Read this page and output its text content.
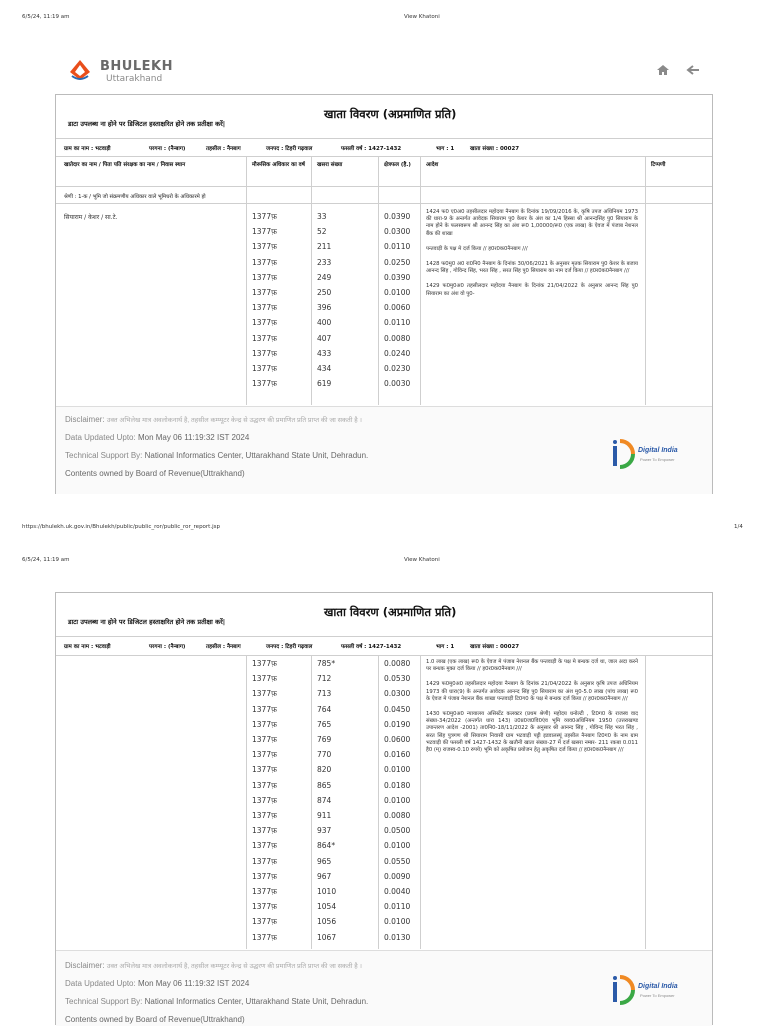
6/5/24, 11:19 am	View Khatoni
BHULEKH
Uttarakhand
खाता विवरण (अप्रमाणित प्रति)
डाटा उपलब्ध ना होने पर डिजिटल हस्ताक्षरित होने तक प्रतीक्षा करें|
ग्राम का नाम : भटवाड़ी	परगना : (नैन्बाग)	तहसील : नैनबाग	जनपद : टिहरी गढ़वाल	फसली वर्ष : 1427-1432	भाग : 1	खाता संख्या : 00027
खातेदार का नाम / पिता पति संरक्षक का नाम / निवास स्थान	मौरूसिक अधिकार का वर्ष	खसरा संख्या	क्षेत्रफल (है.)	आदेश	टिप्पणी
श्रेणी : 1-क / भूमि जो संक्रमणीय अधिकार वाले भूमिधरो के अधिकारमे हो
सियाराम / केशर / सा.टे.	1377फ़	33	0.0390
1377फ़	52	0.0300
1377फ़	211	0.0110
1377फ़	233	0.0250
1377फ़	249	0.0390
1377फ़	250	0.0100
1377फ़	396	0.0060
1377फ़	400	0.0110
1377फ़	407	0.0080
1377फ़	433	0.0240
1377फ़	434	0.0230
1377फ़	619	0.0030

1424 फ0 ए0अ0 तहसीलदार महोदया नैनबाग के दिनांक 19/09/2016 के, कृषि उपज अधिनियम 1973 की धारा-9 के अन्तर्गत आवेदक सियाराम पु0 केशर के अंश का 1/4 हिस्सा श्री आनन्दसिंह पु0 सियाराम के नाम होने के फलस्वरूप श्री आनन्द सिंह का अंश रू0 1,00000/रू0 (एक लाख) के ऐवज में पंजाब नेशनल बैंक की शाखा

पन्तवाड़ी के पक्ष मे दर्ज किया // ह0र0क0नैनबाग ///

1428 फ0मु0 अ0 रा0नि0 नैनबाग के दिनांक 30/06/2021 के अनुसार मृतक सियाराम पु0 केशर के बजाय आनन्द सिंह , गोविन्द सिंह, भरत सिंह , सरत सिंह पु0 सियाराम का नाम दर्ज किया // ह0र0क0नैनबाग ///

1429 फ0मु0अ0 तहसीलदार महोदया नैनबाग के दिनांक 21/04/2022 के अनुसार आनन्द सिंह पु0 सियाराम का अंश वो पु0-

Disclaimer: उक्त अभिलेख मात्र अवलोकनार्थ है, तहसील कम्प्यूटर केन्द्र से उद्धरण की प्रमाणित प्रति प्राप्त की जा सकती है ।
Data Updated Upto: Mon May 06 11:19:32 IST 2024
Technical Support By: National Informatics Center, Uttarakhand State Unit, Dehradun.
Contents owned by Board of Revenue(Uttrakhand)
Digital India
Power To Empower
https://bhulekh.uk.gov.in/Bhulekh/public/public_ror/public_ror_report.jsp	1/4
6/5/24, 11:19 am	View Khatoni
खाता विवरण (अप्रमाणित प्रति)
डाटा उपलब्ध ना होने पर डिजिटल हस्ताक्षरित होने तक प्रतीक्षा करें|
ग्राम का नाम : भटवाड़ी	परगना : (नैन्बाग)	तहसील : नैनबाग	जनपद : टिहरी गढ़वाल	फसली वर्ष : 1427-1432	भाग : 1	खाता संख्या : 00027
1377फ़	785*	0.0080
1377फ़	712	0.0530
1377फ़	713	0.0300
1377फ़	764	0.0450
1377फ़	765	0.0190
1377फ़	769	0.0600
1377फ़	770	0.0160
1377फ़	820	0.0100
1377फ़	865	0.0180
1377फ़	874	0.0100
1377फ़	911	0.0080
1377फ़	937	0.0500
1377फ़	864*	0.0100
1377फ़	965	0.0550
1377फ़	967	0.0090
1377फ़	1010	0.0040
1377फ़	1054	0.0110
1377फ़	1056	0.0100
1377फ़	1067	0.0130

1.0 लाख (एक लाख) रू0 के ऐवज मे पंजाब नेशनल बैंक पन्तवाड़ी के पक्ष मे बन्धक दर्ज था, जाल अदा करने पर बन्धक मुक्त दर्ज किया // ह0र0क0नैनबाग ///

1429 फ0मु0अ0 तहसीलदार महोदया नैनबाग के दिनांक 21/04/2022 के अनुसार कृषि उपज अधिनियम 1973 की धारा(9) के अन्तर्गत आवेदक आनन्द सिंह पु0 सियाराम का अंश मु0-5.0 लाख (पांच लाख) रू0 के ऐवज मे पंजाब नेशनल बैंक शाखा पन्तवाड़ी टि0ग0 के पक्ष मे बन्धक दर्ज किया // ह0र0क0नैनबाग ///

1430 फ0मु0अ0 न्यायालय असिस्टेंट कलक्टर (प्रथम श्रेणी) महोदय धनोल्टी , टि0ग0 के राजस्व वाद संख्या-34/2022 (अन्तर्गत धारा 143) उ0प्र0ज0वि0एंव भूमि व्यव0अधिनियम 1950 (उत्तराखण्ड उपान्तरण आदेश -2001) ता0नि0-18/11/2022 के अनुसार श्री आनन्द सिंह , गोविन्द सिंह भरत सिंह , सरत सिंह पुत्रगण श्री सियाराम निवासी ग्राम भटवाड़ी पट्टी इडवालस्यूं तहसील नैनबाग टि0ग0 के नाम ग्राम भटवाड़ी की फसली वर्ष 1427-1432 के खतौनी खाता संख्या-27 में दर्ज खसरा नम्बर- 211 रकबा 0.011 है0 (म्) राजस्व-0.10 रुपये) भूमि को अकृषित प्रयोजन हेतु अकृषित दर्ज किया // ह0र0क0नैनबाग ///

Disclaimer: उक्त अभिलेख मात्र अवलोकनार्थ है, तहसील कम्प्यूटर केन्द्र से उद्धरण की प्रमाणित प्रति प्राप्त की जा सकती है ।
Data Updated Upto: Mon May 06 11:19:32 IST 2024
Technical Support By: National Informatics Center, Uttarakhand State Unit, Dehradun.
Contents owned by Board of Revenue(Uttrakhand)
Digital India
Power To Empower
